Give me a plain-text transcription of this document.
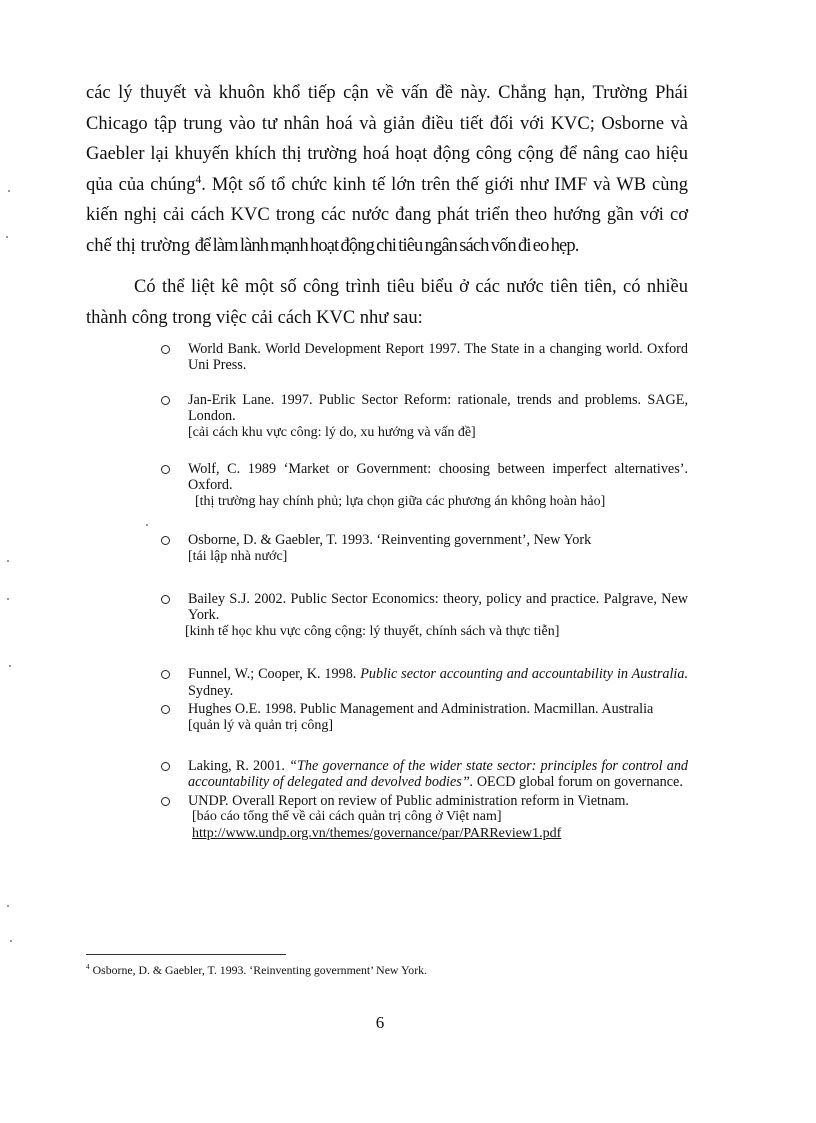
các lý thuyết và khuôn khổ tiếp cận về vấn đề này. Chẳng hạn, Trường Phái Chicago tập trung vào tư nhân hoá và giản điều tiết đối với KVC; Osborne và Gaebler lại khuyến khích thị trường hoá hoạt động công cộng để nâng cao hiệu qủa của chúng$^4$. Một số tổ chức kinh tế lớn trên thế giới như IMF và WB cùng kiến nghị cải cách KVC trong các nước đang phát triển theo hướng gần với cơ chế thị trường để làm lành mạnh hoạt động chi tiêu ngân sách vốn đi eo hẹp.

Có thể liệt kê một số công trình tiêu biểu ở các nước tiên tiên, có nhiều thành công trong việc cải cách KVC như sau:

World Bank. World Development Report 1997. The State in a changing world. Oxford Uni Press.
Jan-Erik Lane. 1997. Public Sector Reform: rationale, trends and problems. SAGE, London.
[cải cách khu vực công: lý do, xu hướng và vấn đề]
Wolf, C. 1989 ‘Market or Government: choosing between imperfect alternatives’. Oxford.
[thị trường hay chính phủ; lựa chọn giữa các phương án không hoàn hảo]
Osborne, D. & Gaebler, T. 1993. ‘Reinventing government’, New York
[tái lập nhà nước]
Bailey S.J. 2002. Public Sector Economics: theory, policy and practice. Palgrave, New York.
[kinh tế học khu vực công cộng: lý thuyết, chính sách và thực tiễn]
Funnel, W.; Cooper, K. 1998. Public sector accounting and accountability in Australia. Sydney.
Hughes O.E. 1998. Public Management and Administration. Macmillan. Australia
[quản lý và quản trị công]
Laking, R. 2001. “The governance of the wider state sector: principles for control and accountability of delegated and devolved bodies”. OECD global forum on governance.
UNDP. Overall Report on review of Public administration reform in Vietnam.
[báo cáo tổng thể về cải cách quản trị công ở Việt nam]
http://www.undp.org.vn/themes/governance/par/PARReview1.pdf
$^4$ Osborne, D. & Gaebler, T. 1993. ‘Reinventing government’ New York.
6
